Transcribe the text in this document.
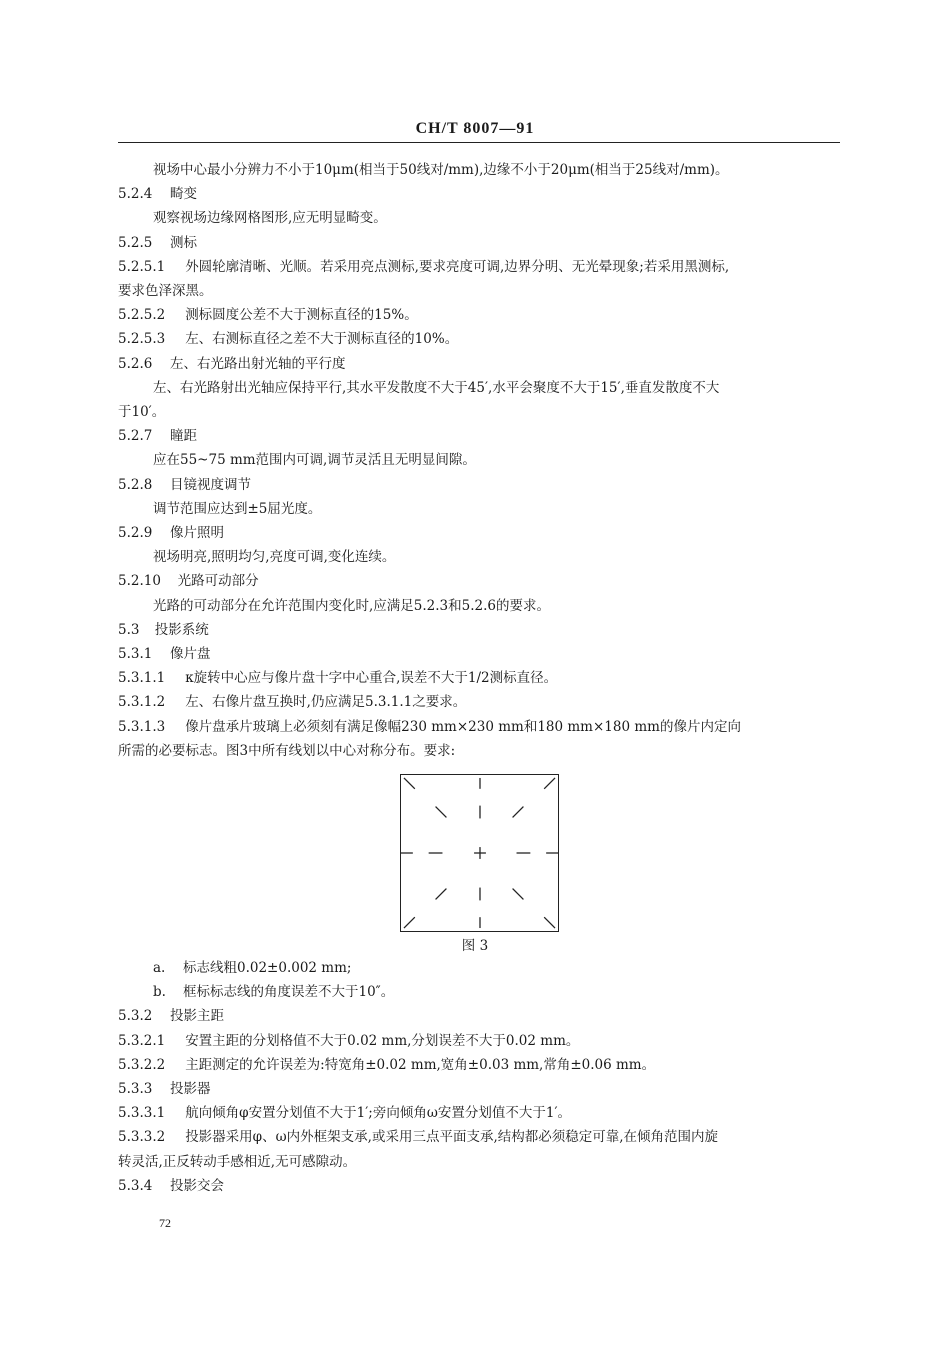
CH/T 8007—91
视场中心最小分辨力不小于10μm(相当于50线对/mm),边缘不小于20μm(相当于25线对/mm)。
5.2.4 畸变
观察视场边缘网格图形,应无明显畸变。
5.2.5 测标
5.2.5.1 外圆轮廓清晰、光顺。若采用亮点测标,要求亮度可调,边界分明、无光晕现象;若采用黑测标,
要求色泽深黑。
5.2.5.2 测标圆度公差不大于测标直径的15%。
5.2.5.3 左、右测标直径之差不大于测标直径的10%。
5.2.6 左、右光路出射光轴的平行度
左、右光路射出光轴应保持平行,其水平发散度不大于45′,水平会聚度不大于15′,垂直发散度不大
于10′。
5.2.7 瞳距
应在55~75 mm范围内可调,调节灵活且无明显间隙。
5.2.8 目镜视度调节
调节范围应达到±5屈光度。
5.2.9 像片照明
视场明亮,照明均匀,亮度可调,变化连续。
5.2.10 光路可动部分
光路的可动部分在允许范围内变化时,应满足5.2.3和5.2.6的要求。
5.3 投影系统
5.3.1 像片盘
5.3.1.1 κ旋转中心应与像片盘十字中心重合,误差不大于1/2测标直径。
5.3.1.2 左、右像片盘互换时,仍应满足5.3.1.1之要求。
5.3.1.3 像片盘承片玻璃上必须刻有满足像幅230 mm×230 mm和180 mm×180 mm的像片内定向
所需的必要标志。图3中所有线划以中心对称分布。要求:
图 3
a. 标志线粗0.02±0.002 mm;
b. 框标标志线的角度误差不大于10″。
5.3.2 投影主距
5.3.2.1 安置主距的分划格值不大于0.02 mm,分划误差不大于0.02 mm。
5.3.2.2 主距测定的允许误差为:特宽角±0.02 mm,宽角±0.03 mm,常角±0.06 mm。
5.3.3 投影器
5.3.3.1 航向倾角φ安置分划值不大于1′;旁向倾角ω安置分划值不大于1′。
5.3.3.2 投影器采用φ、ω内外框架支承,或采用三点平面支承,结构都必须稳定可靠,在倾角范围内旋
转灵活,正反转动手感相近,无可感隙动。
5.3.4 投影交会
72
